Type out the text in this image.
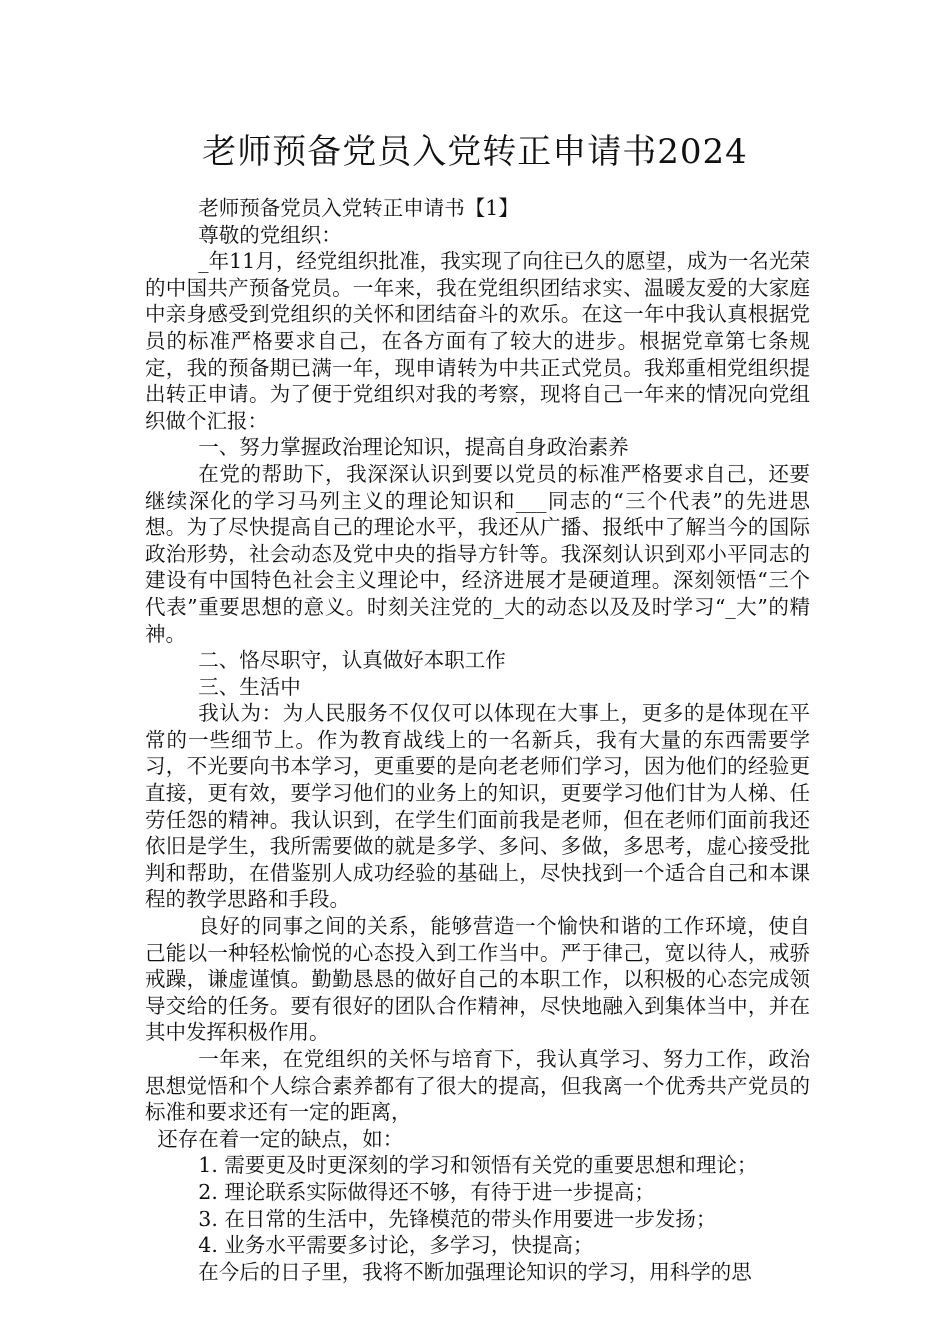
老师预备党员入党转正申请书2024

老师预备党员入党转正申请书【1】

尊敬的党组织：

_年11月，经党组织批准，我实现了向往已久的愿望，成为一名光荣的中国共产预备党员。一年来，我在党组织团结求实、温暖友爱的大家庭中亲身感受到党组织的关怀和团结奋斗的欢乐。在这一年中我认真根据党员的标准严格要求自己，在各方面有了较大的进步。根据党章第七条规定，我的预备期已满一年，现申请转为中共正式党员。我郑重相党组织提出转正申请。为了便于党组织对我的考察，现将自己一年来的情况向党组织做个汇报：

一、努力掌握政治理论知识，提高自身政治素养

在党的帮助下，我深深认识到要以党员的标准严格要求自己，还要继续深化的学习马列主义的理论知识和___同志的“三个代表”的先进思想。为了尽快提高自己的理论水平，我还从广播、报纸中了解当今的国际政治形势，社会动态及党中央的指导方针等。我深刻认识到邓小平同志的建设有中国特色社会主义理论中，经济进展才是硬道理。深刻领悟“三个代表”重要思想的意义。时刻关注党的_大的动态以及及时学习“_大”的精神。

二、恪尽职守，认真做好本职工作

三、生活中

我认为：为人民服务不仅仅可以体现在大事上，更多的是体现在平常的一些细节上。作为教育战线上的一名新兵，我有大量的东西需要学习，不光要向书本学习，更重要的是向老老师们学习，因为他们的经验更直接，更有效，要学习他们的业务上的知识，更要学习他们甘为人梯、任劳任怨的精神。我认识到，在学生们面前我是老师，但在老师们面前我还依旧是学生，我所需要做的就是多学、多问、多做，多思考，虚心接受批判和帮助，在借鉴别人成功经验的基础上，尽快找到一个适合自己和本课程的教学思路和手段。

良好的同事之间的关系，能够营造一个愉快和谐的工作环境，使自己能以一种轻松愉悦的心态投入到工作当中。严于律己，宽以待人，戒骄戒躁，谦虚谨慎。勤勤恳恳的做好自己的本职工作，以积极的心态完成领导交给的任务。要有很好的团队合作精神，尽快地融入到集体当中，并在其中发挥积极作用。

一年来，在党组织的关怀与培育下，我认真学习、努力工作，政治思想觉悟和个人综合素养都有了很大的提高，但我离一个优秀共产党员的标准和要求还有一定的距离，

还存在着一定的缺点，如：

1. 需要更及时更深刻的学习和领悟有关党的重要思想和理论；

2. 理论联系实际做得还不够，有待于进一步提高；

3. 在日常的生活中，先锋模范的带头作用要进一步发扬；

4. 业务水平需要多讨论，多学习，快提高；

在今后的日子里，我将不断加强理论知识的学习，用科学的思
